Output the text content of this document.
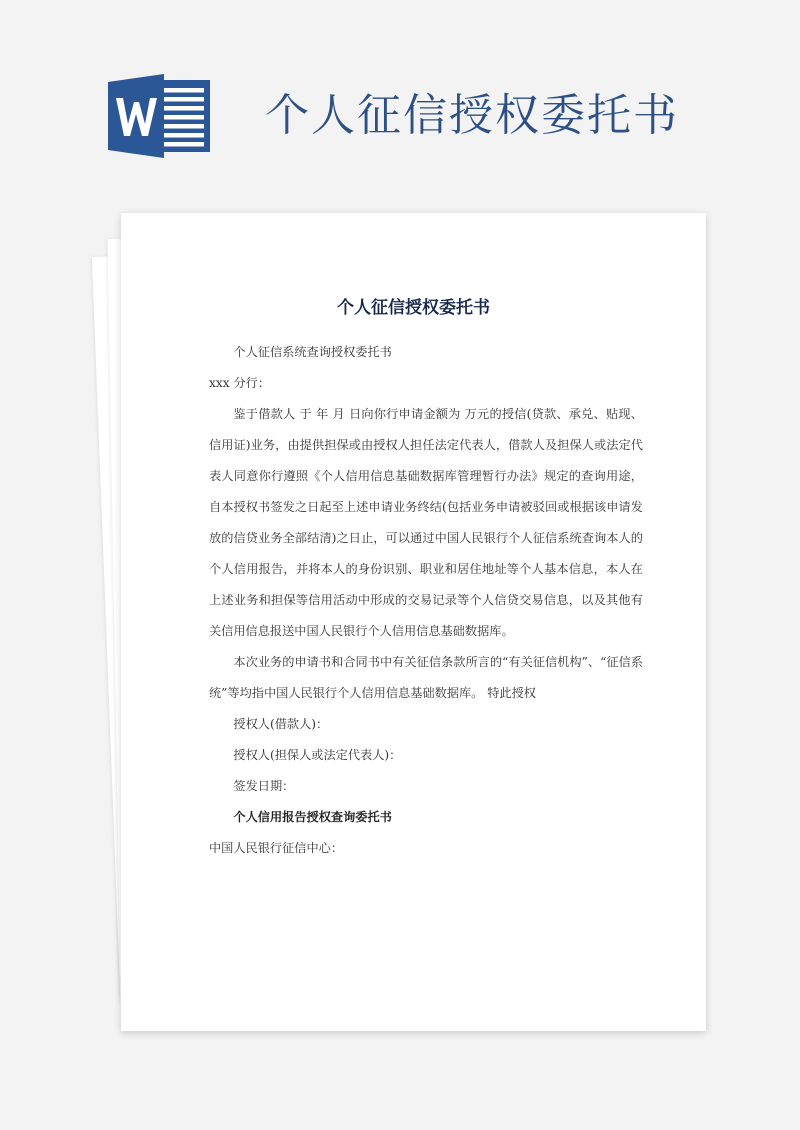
个人征信授权委托书
个人征信授权委托书

个人征信系统查询授权委托书

xxx 分行：

鉴于借款人 于 年 月 日向你行申请金额为 万元的授信(贷款、承兑、贴现、信用证)业务，由提供担保或由授权人担任法定代表人，借款人及担保人或法定代表人同意你行遵照《个人信用信息基础数据库管理暂行办法》规定的查询用途，自本授权书签发之日起至上述申请业务终结(包括业务申请被驳回或根据该申请发放的信贷业务全部结清)之日止，可以通过中国人民银行个人征信系统查询本人的个人信用报告，并将本人的身份识别、职业和居住地址等个人基本信息，本人在上述业务和担保等信用活动中形成的交易记录等个人信贷交易信息，以及其他有关信用信息报送中国人民银行个人信用信息基础数据库。

本次业务的申请书和合同书中有关征信条款所言的“有关征信机构”、“征信系统”等均指中国人民银行个人信用信息基础数据库。 特此授权

授权人(借款人)：

授权人(担保人或法定代表人)：

签发日期：

个人信用报告授权查询委托书

中国人民银行征信中心：
